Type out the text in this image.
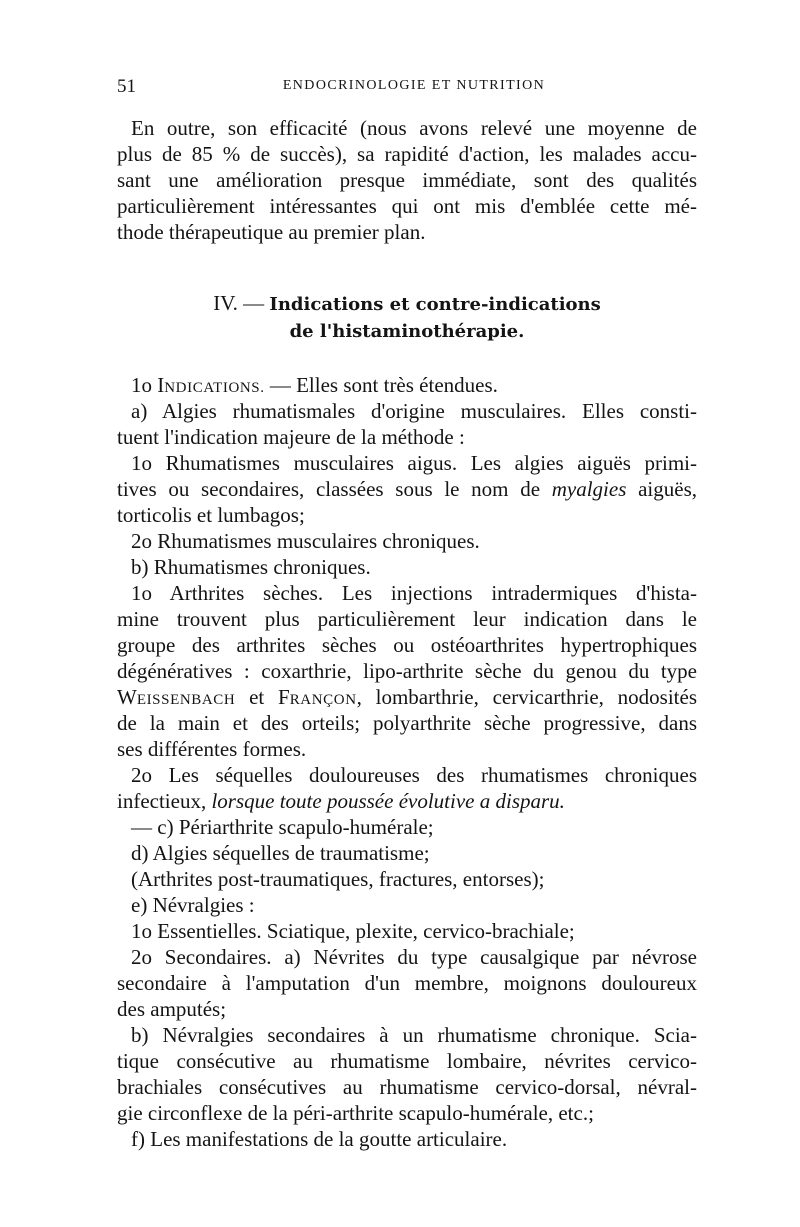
51	ENDOCRINOLOGIE ET NUTRITION
En outre, son efficacité (nous avons relevé une moyenne de
plus de 85 % de succès), sa rapidité d'action, les malades accu-
sant une amélioration presque immédiate, sont des qualités
particulièrement intéressantes qui ont mis d'emblée cette mé-
thode thérapeutique au premier plan.
IV. — Indications et contre-indications
de l'histaminothérapie.
1o INDICATIONS. — Elles sont très étendues.
a) Algies rhumatismales d'origine musculaires. Elles consti-
tuent l'indication majeure de la méthode :
1o Rhumatismes musculaires aigus. Les algies aiguës primi-
tives ou secondaires, classées sous le nom de myalgies aiguës,
torticolis et lumbagos;
2o Rhumatismes musculaires chroniques.
b) Rhumatismes chroniques.
1o Arthrites sèches. Les injections intradermiques d'hista-
mine trouvent plus particulièrement leur indication dans le
groupe des arthrites sèches ou ostéoarthrites hypertrophiques
dégénératives : coxarthrie, lipo-arthrite sèche du genou du type
WEISSENBACH et FRANÇON, lombarthrie, cervicarthrie, nodosités
de la main et des orteils; polyarthrite sèche progressive, dans
ses différentes formes.
2o Les séquelles douloureuses des rhumatismes chroniques
infectieux, lorsque toute poussée évolutive a disparu.
— c) Périarthrite scapulo-humérale;
d) Algies séquelles de traumatisme;
(Arthrites post-traumatiques, fractures, entorses);
e) Névralgies :
1o Essentielles. Sciatique, plexite, cervico-brachiale;
2o Secondaires. a) Névrites du type causalgique par névrose
secondaire à l'amputation d'un membre, moignons douloureux
des amputés;
b) Névralgies secondaires à un rhumatisme chronique. Scia-
tique consécutive au rhumatisme lombaire, névrites cervico-
brachiales consécutives au rhumatisme cervico-dorsal, névral-
gie circonflexe de la péri-arthrite scapulo-humérale, etc.;
f) Les manifestations de la goutte articulaire.
